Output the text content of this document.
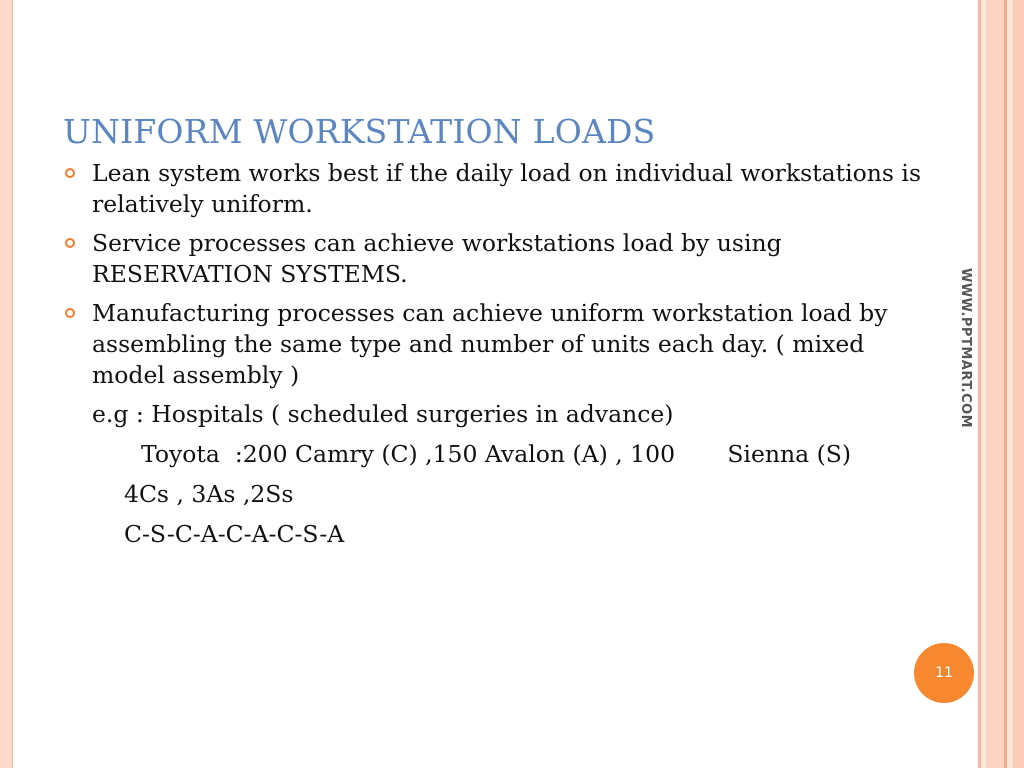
UNIFORM WORKSTATION LOADS
Lean system works best if the daily load on individual workstations is relatively uniform.
Service processes can achieve workstations load by using RESERVATION SYSTEMS.
Manufacturing processes can achieve uniform workstation load by assembling the same type and number of units each day. ( mixed model assembly )
e.g : Hospitals ( scheduled surgeries in advance)
Toyota  :200 Camry (C) ,150 Avalon (A) , 100       Sienna (S)
4Cs , 3As ,2Ss
C-S-C-A-C-A-C-S-A
WWW.PPTMART.COM
11
